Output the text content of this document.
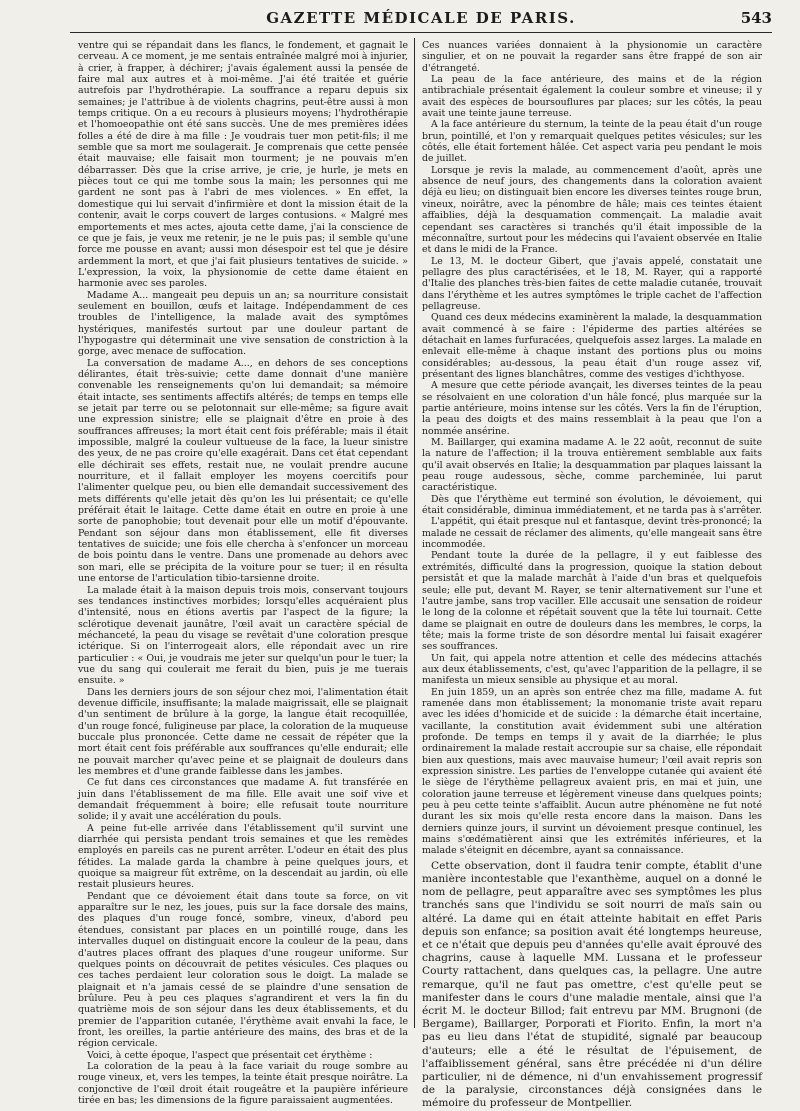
GAZETTE MÉDICALE DE PARIS.	543

ventre qui se répandait dans les flancs, le fondement, et gagnait le cerveau. A ce moment, je me sentais entraînée malgré moi à injurier, à crier, à frapper, à déchirer; j'avais également aussi la pensée de faire mal aux autres et à moi-même. J'ai été traitée et guérie autrefois par l'hydrothérapie. La souffrance a reparu depuis six semaines; je l'attribue à de violents chagrins, peut-être aussi à mon temps critique. On a eu recours à plusieurs moyens; l'hydrothérapie et l'homoeopathie ont été sans succès. Une de mes premières idées folles a été de dire à ma fille : Je voudrais tuer mon petit-fils; il me semble que sa mort me soulagerait. Je comprenais que cette pensée était mauvaise; elle faisait mon tourment; je ne pouvais m'en débarrasser. Dès que la crise arrive, je crie, je hurle, je mets en pièces tout ce qui me tombe sous la main; les personnes qui me gardent ne sont pas à l'abri de mes violences. » En effet, la domestique qui lui servait d'infirmière et dont la mission était de la contenir, avait le corps couvert de larges contusions. « Malgré mes emportements et mes actes, ajouta cette dame, j'ai la conscience de ce que je fais, je veux me retenir, je ne le puis pas; il semble qu'une force me pousse en avant; aussi mon désespoir est tel que je désire ardemment la mort, et que j'ai fait plusieurs tentatives de suicide. » L'expression, la voix, la physionomie de cette dame étaient en harmonie avec ses paroles.

Madame A... mangeait peu depuis un an; sa nourriture consistait seulement en bouillon, œufs et laitage. Indépendamment de ces troubles de l'intelligence, la malade avait des symptômes hystériques, manifestés surtout par une douleur partant de l'hypogastre qui déterminait une vive sensation de constriction à la gorge, avec menace de suffocation.

La conversation de madame A..., en dehors de ses conceptions délirantes, était très-suivie; cette dame donnait d'une manière convenable les renseignements qu'on lui demandait; sa mémoire était intacte, ses sentiments affectifs altérés; de temps en temps elle se jetait par terre ou se pelotonnait sur elle-même; sa figure avait une expression sinistre; elle se plaignait d'être en proie à des souffrances affreuses; la mort était cent fois préférable; mais il était impossible, malgré la couleur vultueuse de la face, la lueur sinistre des yeux, de ne pas croire qu'elle exagérait. Dans cet état cependant elle déchirait ses effets, restait nue, ne voulait prendre aucune nourriture, et il fallait employer les moyens coercitifs pour l'alimenter quelque peu, ou bien elle demandait successivement des mets différents qu'elle jetait dès qu'on les lui présentait; ce qu'elle préférait était le laitage. Cette dame était en outre en proie à une sorte de panophobie; tout devenait pour elle un motif d'épouvante. Pendant son séjour dans mon établissement, elle fit diverses tentatives de suicide; une fois elle chercha à s'enfoncer un morceau de bois pointu dans le ventre. Dans une promenade au dehors avec son mari, elle se précipita de la voiture pour se tuer; il en résulta une entorse de l'articulation tibio-tarsienne droite.

La malade était à la maison depuis trois mois, conservant toujours ses tendances instinctives morbides; lorsqu'elles acquéraient plus d'intensité, nous en étions avertis par l'aspect de la figure; la sclérotique devenait jaunâtre, l'œil avait un caractère spécial de méchanceté, la peau du visage se revêtait d'une coloration presque ictérique. Si on l'interrogeait alors, elle répondait avec un rire particulier : « Oui, je voudrais me jeter sur quelqu'un pour le tuer; la vue du sang qui coulerait me ferait du bien, puis je me tuerais ensuite. »

Dans les derniers jours de son séjour chez moi, l'alimentation était devenue difficile, insuffisante; la malade maigrissait, elle se plaignait d'un sentiment de brûlure à la gorge, la langue était recoquillée, d'un rouge foncé, fuligineuse par place, la coloration de la muqueuse buccale plus prononcée. Cette dame ne cessait de répéter que la mort était cent fois préférable aux souffrances qu'elle endurait; elle ne pouvait marcher qu'avec peine et se plaignait de douleurs dans les membres et d'une grande faiblesse dans les jambes.

Ce fut dans ces circonstances que madame A. fut transférée en juin dans l'établissement de ma fille. Elle avait une soif vive et demandait fréquemment à boire; elle refusait toute nourriture solide; il y avait une accélération du pouls.

A peine fut-elle arrivée dans l'établissement qu'il survint une diarrhée qui persista pendant trois semaines et que les remèdes employés en pareils cas ne purent arrêter. L'odeur en était des plus fétides. La malade garda la chambre à peine quelques jours, et quoique sa maigreur fût extrême, on la descendait au jardin, où elle restait plusieurs heures.

Pendant que ce dévoiement était dans toute sa force, on vit apparaître sur le nez, les joues, puis sur la face dorsale des mains, des plaques d'un rouge foncé, sombre, vineux, d'abord peu étendues, consistant par places en un pointillé rouge, dans les intervalles duquel on distinguait encore la couleur de la peau, dans d'autres places offrant des plaques d'une rougeur uniforme. Sur quelques points on découvrait de petites vésicules. Ces plaques ou ces taches perdaient leur coloration sous le doigt. La malade se plaignait et n'a jamais cessé de se plaindre d'une sensation de brûlure. Peu à peu ces plaques s'agrandirent et vers la fin du quatrième mois de son séjour dans les deux établissements, et du premier de l'apparition cutanée, l'érythème avait envahi la face, le front, les oreilles, la partie antérieure des mains, des bras et de la région cervicale.

Voici, à cette époque, l'aspect que présentait cet érythème :

La coloration de la peau à la face variait du rouge sombre au rouge vineux, et, vers les tempes, la teinte était presque noirâtre. La conjonctive de l'œil droit était rougeâtre et la paupière inférieure tirée en bas; les dimensions de la figure paraissaient augmentées.

Ces nuances variées donnaient à la physionomie un caractère singulier, et on ne pouvait la regarder sans être frappé de son air d'étrangeté.

La peau de la face antérieure, des mains et de la région antibrachiale présentait également la couleur sombre et vineuse; il y avait des espèces de boursouflures par places; sur les côtés, la peau avait une teinte jaune terreuse.

A la face antérieure du sternum, la teinte de la peau était d'un rouge brun, pointillé, et l'on y remarquait quelques petites vésicules; sur les côtés, elle était fortement hâlée. Cet aspect varia peu pendant le mois de juillet.

Lorsque je revis la malade, au commencement d'août, après une absence de neuf jours, des changements dans la coloration avaient déjà eu lieu; on distinguait bien encore les diverses teintes rouge brun, vineux, noirâtre, avec la pénombre de hâle; mais ces teintes étaient affaiblies, déjà la desquamation commençait. La maladie avait cependant ses caractères si tranchés qu'il était impossible de la méconnaître, surtout pour les médecins qui l'avaient observée en Italie et dans le midi de la France.

Le 13, M. le docteur Gibert, que j'avais appelé, constatait une pellagre des plus caractérisées, et le 18, M. Rayer, qui a rapporté d'Italie des planches très-bien faites de cette maladie cutanée, trouvait dans l'érythème et les autres symptômes le triple cachet de l'affection pellagreuse.

Quand ces deux médecins examinèrent la malade, la desquammation avait commencé à se faire : l'épiderme des parties altérées se détachait en lames furfuracées, quelquefois assez larges. La malade en enlevait elle-même à chaque instant des portions plus ou moins considérables; au-dessous, la peau était d'un rouge assez vif, présentant des lignes blanchâtres, comme des vestiges d'ichthyose.

A mesure que cette période avançait, les diverses teintes de la peau se résolvaient en une coloration d'un hâle foncé, plus marquée sur la partie antérieure, moins intense sur les côtés. Vers la fin de l'éruption, la peau des doigts et des mains ressemblait à la peau que l'on a nommée ansérine.

M. Baillarger, qui examina madame A. le 22 août, reconnut de suite la nature de l'affection; il la trouva entièrement semblable aux faits qu'il avait observés en Italie; la desquammation par plaques laissant la peau rouge audessous, sèche, comme parcheminée, lui parut caractéristique.

Dès que l'érythème eut terminé son évolution, le dévoiement, qui était considérable, diminua immédiatement, et ne tarda pas à s'arrêter.

L'appétit, qui était presque nul et fantasque, devint très-prononcé; la malade ne cessait de réclamer des aliments, qu'elle mangeait sans être incommodée.

Pendant toute la durée de la pellagre, il y eut faiblesse des extrémités, difficulté dans la progression, quoique la station debout persistât et que la malade marchât à l'aide d'un bras et quelquefois seule; elle put, devant M. Rayer, se tenir alternativement sur l'une et l'autre jambe, sans trop vaciller. Elle accusait une sensation de roideur le long de la colonne et répétait souvent que la tête lui tournait. Cette dame se plaignait en outre de douleurs dans les membres, le corps, la tête; mais la forme triste de son désordre mental lui faisait exagérer ses souffrances.

Un fait, qui appela notre attention et celle des médecins attachés aux deux établissements, c'est, qu'avec l'apparition de la pellagre, il se manifesta un mieux sensible au physique et au moral.

En juin 1859, un an après son entrée chez ma fille, madame A. fut ramenée dans mon établissement; la monomanie triste avait reparu avec les idées d'homicide et de suicide : la démarche était incertaine, vacillante, la constitution avait évidemment subi une altération profonde. De temps en temps il y avait de la diarrhée; le plus ordinairement la malade restait accroupie sur sa chaise, elle répondait bien aux questions, mais avec mauvaise humeur; l'œil avait repris son expression sinistre. Les parties de l'enveloppe cutanée qui avaient été le siège de l'érythème pellagreux avaient pris, en mai et juin, une coloration jaune terreuse et légèrement vineuse dans quelques points; peu à peu cette teinte s'affaiblit. Aucun autre phénomène ne fut noté durant les six mois qu'elle resta encore dans la maison. Dans les derniers quinze jours, il survint un dévoiement presque continuel, les mains s'œdématièrent ainsi que les extrémités inférieures, et la malade s'éteignit en décembre, ayant sa connaissance.

Cette observation, dont il faudra tenir compte, établit d'une manière incontestable que l'exanthème, auquel on a donné le nom de pellagre, peut apparaître avec ses symptômes les plus tranchés sans que l'individu se soit nourri de maïs sain ou altéré. La dame qui en était atteinte habitait en effet Paris depuis son enfance; sa position avait été longtemps heureuse, et ce n'était que depuis peu d'années qu'elle avait éprouvé des chagrins, cause à laquelle MM. Lussana et le professeur Courty rattachent, dans quelques cas, la pellagre. Une autre remarque, qu'il ne faut pas omettre, c'est qu'elle peut se manifester dans le cours d'une maladie mentale, ainsi que l'a écrit M. le docteur Billod; fait entrevu par MM. Brugnoni (de Bergame), Baillarger, Porporati et Fiorito. Enfin, la mort n'a pas eu lieu dans l'état de stupidité, signalé par beaucoup d'auteurs; elle a été le résultat de l'épuisement, de l'affaiblissement général, sans être précédée ni d'un délire particulier, ni de démence, ni d'un envahissement progressif de la paralysie, circonstances déjà consignées dans le mémoire du professeur de Montpellier.
